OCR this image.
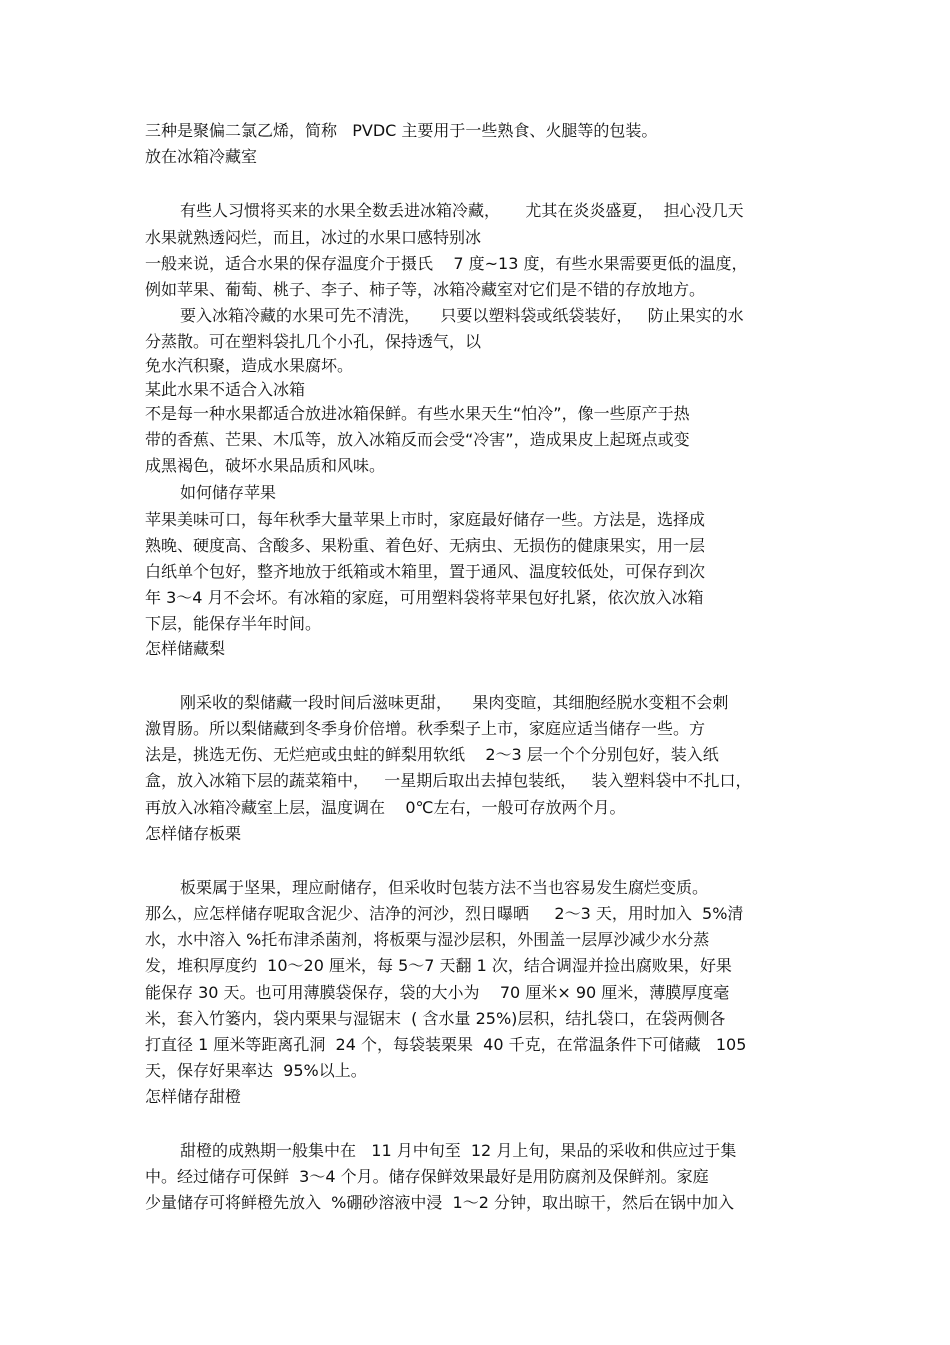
三种是聚偏二氯乙烯，简称   PVDC 主要用于一些熟食、火腿等的包装。
放在冰箱冷藏室
有些人习惯将买来的水果全数丢进冰箱冷藏，     尤其在炎炎盛夏，  担心没几天
水果就熟透闷烂，而且，冰过的水果口感特别冰
一般来说，适合水果的保存温度介于摄氏    7 度~13 度，有些水果需要更低的温度，
例如苹果、葡萄、桃子、李子、柿子等，冰箱冷藏室对它们是不错的存放地方。
要入冰箱冷藏的水果可先不清洗，    只要以塑料袋或纸袋装好，   防止果实的水
分蒸散。可在塑料袋扎几个小孔，保持透气，以
免水汽积聚，造成水果腐坏。
某此水果不适合入冰箱
不是每一种水果都适合放进冰箱保鲜。有些水果天生“怕冷”，像一些原产于热
带的香蕉、芒果、木瓜等，放入冰箱反而会受“冷害”，造成果皮上起斑点或变
成黑褐色，破坏水果品质和风味。
如何储存苹果
苹果美味可口，每年秋季大量苹果上市时，家庭最好储存一些。方法是，选择成
熟晚、硬度高、含酸多、果粉重、着色好、无病虫、无损伤的健康果实，用一层
白纸单个包好，整齐地放于纸箱或木箱里，置于通风、温度较低处，可保存到次
年 3～4 月不会坏。有冰箱的家庭，可用塑料袋将苹果包好扎紧，依次放入冰箱
下层，能保存半年时间。
怎样储藏梨
刚采收的梨储藏一段时间后滋味更甜，    果肉变暄，其细胞经脱水变粗不会刺
激胃肠。所以梨储藏到冬季身价倍增。秋季梨子上市，家庭应适当储存一些。方
法是，挑选无伤、无烂疤或虫蛀的鲜梨用软纸    2～3 层一个个分别包好，装入纸
盒，放入冰箱下层的蔬菜箱中，   一星期后取出去掉包装纸，   装入塑料袋中不扎口，
再放入冰箱冷藏室上层，温度调在    0℃左右，一般可存放两个月。
怎样储存板栗
板栗属于坚果，理应耐储存，但采收时包装方法不当也容易发生腐烂变质。
那么，应怎样储存呢取含泥少、洁净的河沙，烈日曝晒     2～3 天，用时加入  5%清
水，水中溶入 %托布津杀菌剂，将板栗与湿沙层积，外围盖一层厚沙减少水分蒸
发，堆积厚度约  10～20 厘米，每 5～7 天翻 1 次，结合调湿并捡出腐败果，好果
能保存 30 天。也可用薄膜袋保存，袋的大小为    70 厘米× 90 厘米，薄膜厚度毫
米，套入竹篓内，袋内栗果与湿锯末  ( 含水量 25%)层积，结扎袋口，在袋两侧各
打直径 1 厘米等距离孔洞  24 个，每袋装栗果  40 千克，在常温条件下可储藏   105
天，保存好果率达  95%以上。
怎样储存甜橙
甜橙的成熟期一般集中在   11 月中旬至  12 月上旬，果品的采收和供应过于集
中。经过储存可保鲜  3～4 个月。储存保鲜效果最好是用防腐剂及保鲜剂。家庭
少量储存可将鲜橙先放入  %硼砂溶液中浸  1～2 分钟，取出晾干，然后在锅中加入
